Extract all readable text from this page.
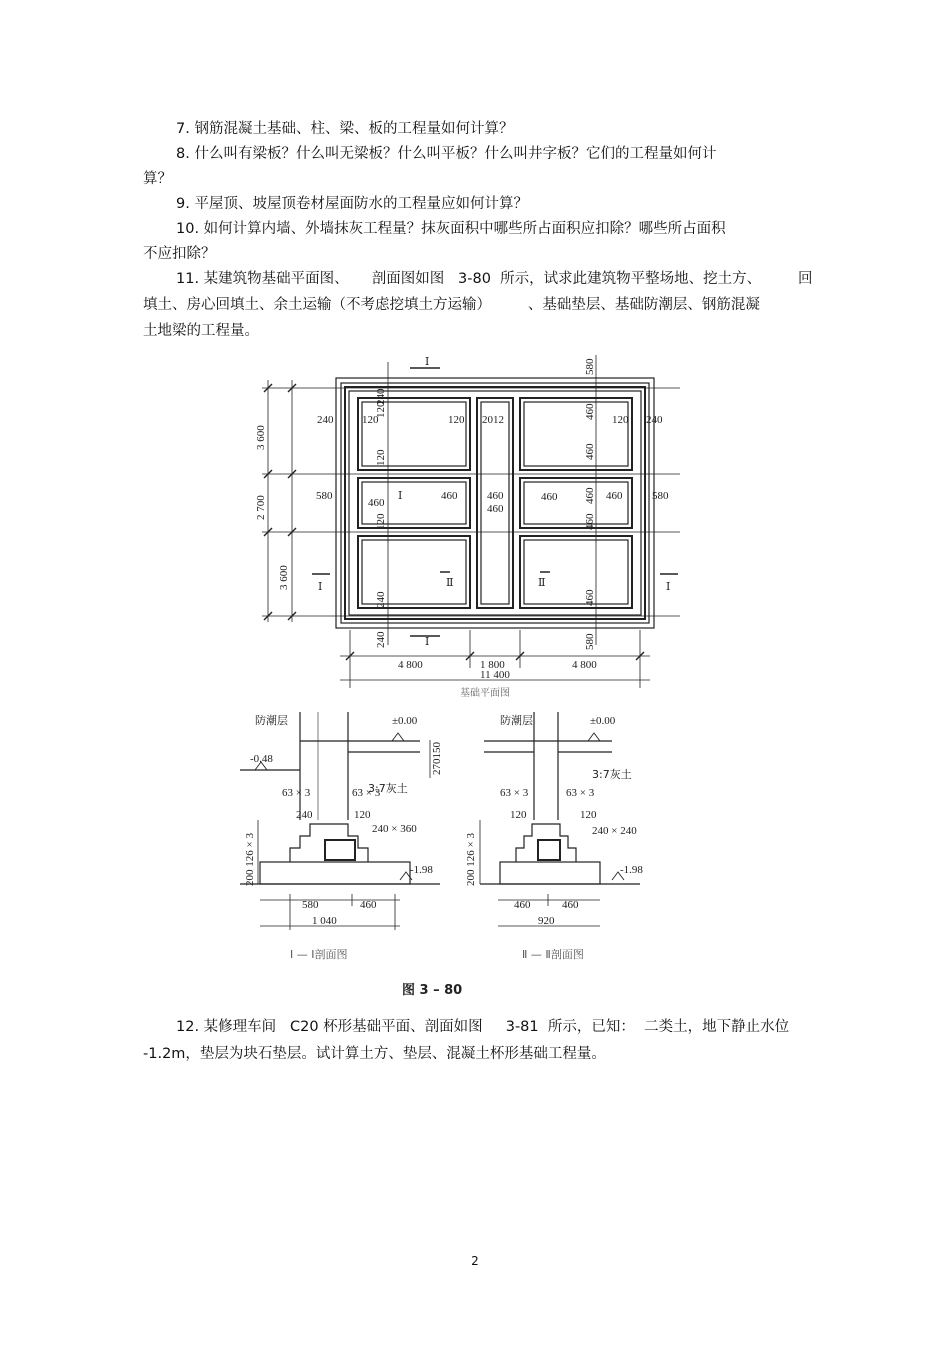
7. 钢筋混凝土基础、柱、梁、板的工程量如何计算？
8. 什么叫有梁板？什么叫无梁板？什么叫平板？什么叫井字板？它们的工程量如何计
算？
9. 平屋顶、坡屋顶卷材屋面防水的工程量应如何计算？
10. 如何计算内墙、外墙抹灰工程量？抹灰面积中哪些所占面积应扣除？哪些所占面积
不应扣除？
11. 某建筑物基础平面图、     剖面图如图   3-80  所示，试求此建筑物平整场地、挖土方、        回
填土、房心回填土、余土运输（不考虑挖填土方运输）        、基础垫层、基础防潮层、钢筋混凝
土地梁的工程量。
Ⅰ
Ⅰ
Ⅱ	Ⅱ
Ⅰ	Ⅰ
240	120	120 2012	120 240
580
460
460	460
460
460	460	580
Ⅰ
240
120
120
120
240
240
580
460
460
460
460
460
580
3 600
2 700
3 600
4 800	1 800	4 800
11 400
基础平面图
防潮层	±0.00
-0.48
-1.98
3:7灰土
63 × 3	63 × 3
240	120
240 × 360
270150
200 126 × 3
580	460
1 040
Ⅰ — Ⅰ剖面图
防潮层	±0.00
-1.98
3:7灰土
63 × 3	63 × 3
120	120
240 × 240
200 126 × 3
460	460
920
Ⅱ — Ⅱ剖面图
图 3 – 80
12. 某修理车间   C20 杯形基础平面、剖面如图     3-81  所示，已知：  二类土，地下静止水位
-1.2m，垫层为块石垫层。试计算土方、垫层、混凝土杯形基础工程量。
2
